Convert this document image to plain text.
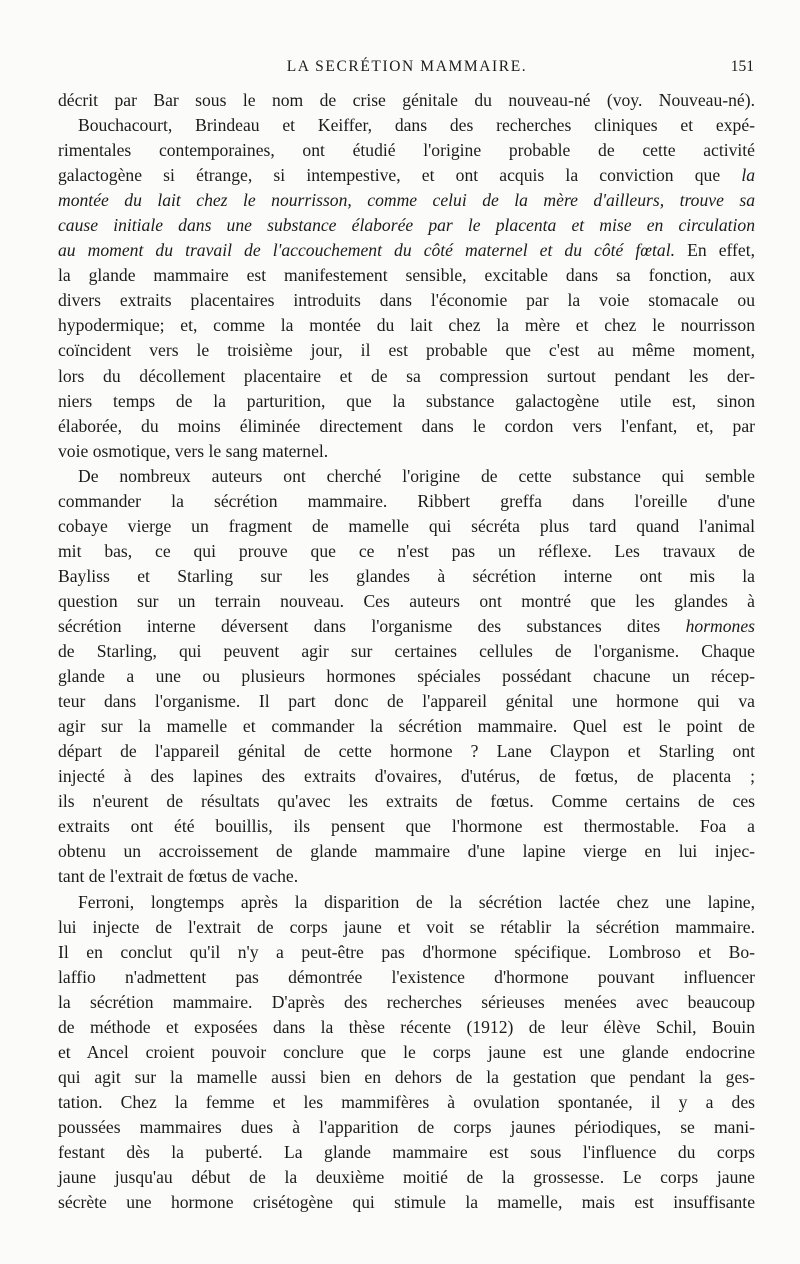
LA SECRÉTION MAMMAIRE.	151
décrit par Bar sous le nom de crise génitale du nouveau-né (voy. Nouveau-né).
Bouchacourt, Brindeau et Keiffer, dans des recherches cliniques et expé-
rimentales contemporaines, ont étudié l'origine probable de cette activité
galactogène si étrange, si intempestive, et ont acquis la conviction que la
montée du lait chez le nourrisson, comme celui de la mère d'ailleurs, trouve sa
cause initiale dans une substance élaborée par le placenta et mise en circulation
au moment du travail de l'accouchement du côté maternel et du côté fœtal. En effet,
la glande mammaire est manifestement sensible, excitable dans sa fonction, aux
divers extraits placentaires introduits dans l'économie par la voie stomacale ou
hypodermique; et, comme la montée du lait chez la mère et chez le nourrisson
coïncident vers le troisième jour, il est probable que c'est au même moment,
lors du décollement placentaire et de sa compression surtout pendant les der-
niers temps de la parturition, que la substance galactogène utile est, sinon
élaborée, du moins éliminée directement dans le cordon vers l'enfant, et, par
voie osmotique, vers le sang maternel.
De nombreux auteurs ont cherché l'origine de cette substance qui semble
commander la sécrétion mammaire. Ribbert greffa dans l'oreille d'une
cobaye vierge un fragment de mamelle qui sécréta plus tard quand l'animal
mit bas, ce qui prouve que ce n'est pas un réflexe. Les travaux de
Bayliss et Starling sur les glandes à sécrétion interne ont mis la
question sur un terrain nouveau. Ces auteurs ont montré que les glandes à
sécrétion interne déversent dans l'organisme des substances dites hormones
de Starling, qui peuvent agir sur certaines cellules de l'organisme. Chaque
glande a une ou plusieurs hormones spéciales possédant chacune un récep-
teur dans l'organisme. Il part donc de l'appareil génital une hormone qui va
agir sur la mamelle et commander la sécrétion mammaire. Quel est le point de
départ de l'appareil génital de cette hormone ? Lane Claypon et Starling ont
injecté à des lapines des extraits d'ovaires, d'utérus, de fœtus, de placenta ;
ils n'eurent de résultats qu'avec les extraits de fœtus. Comme certains de ces
extraits ont été bouillis, ils pensent que l'hormone est thermostable. Foa a
obtenu un accroissement de glande mammaire d'une lapine vierge en lui injec-
tant de l'extrait de fœtus de vache.
Ferroni, longtemps après la disparition de la sécrétion lactée chez une lapine,
lui injecte de l'extrait de corps jaune et voit se rétablir la sécrétion mammaire.
Il en conclut qu'il n'y a peut-être pas d'hormone spécifique. Lombroso et Bo-
laffio n'admettent pas démontrée l'existence d'hormone pouvant influencer
la sécrétion mammaire. D'après des recherches sérieuses menées avec beaucoup
de méthode et exposées dans la thèse récente (1912) de leur élève Schil, Bouin
et Ancel croient pouvoir conclure que le corps jaune est une glande endocrine
qui agit sur la mamelle aussi bien en dehors de la gestation que pendant la ges-
tation. Chez la femme et les mammifères à ovulation spontanée, il y a des
poussées mammaires dues à l'apparition de corps jaunes périodiques, se mani-
festant dès la puberté. La glande mammaire est sous l'influence du corps
jaune jusqu'au début de la deuxième moitié de la grossesse. Le corps jaune
sécrète une hormone crisétogène qui stimule la mamelle, mais est insuffisante
